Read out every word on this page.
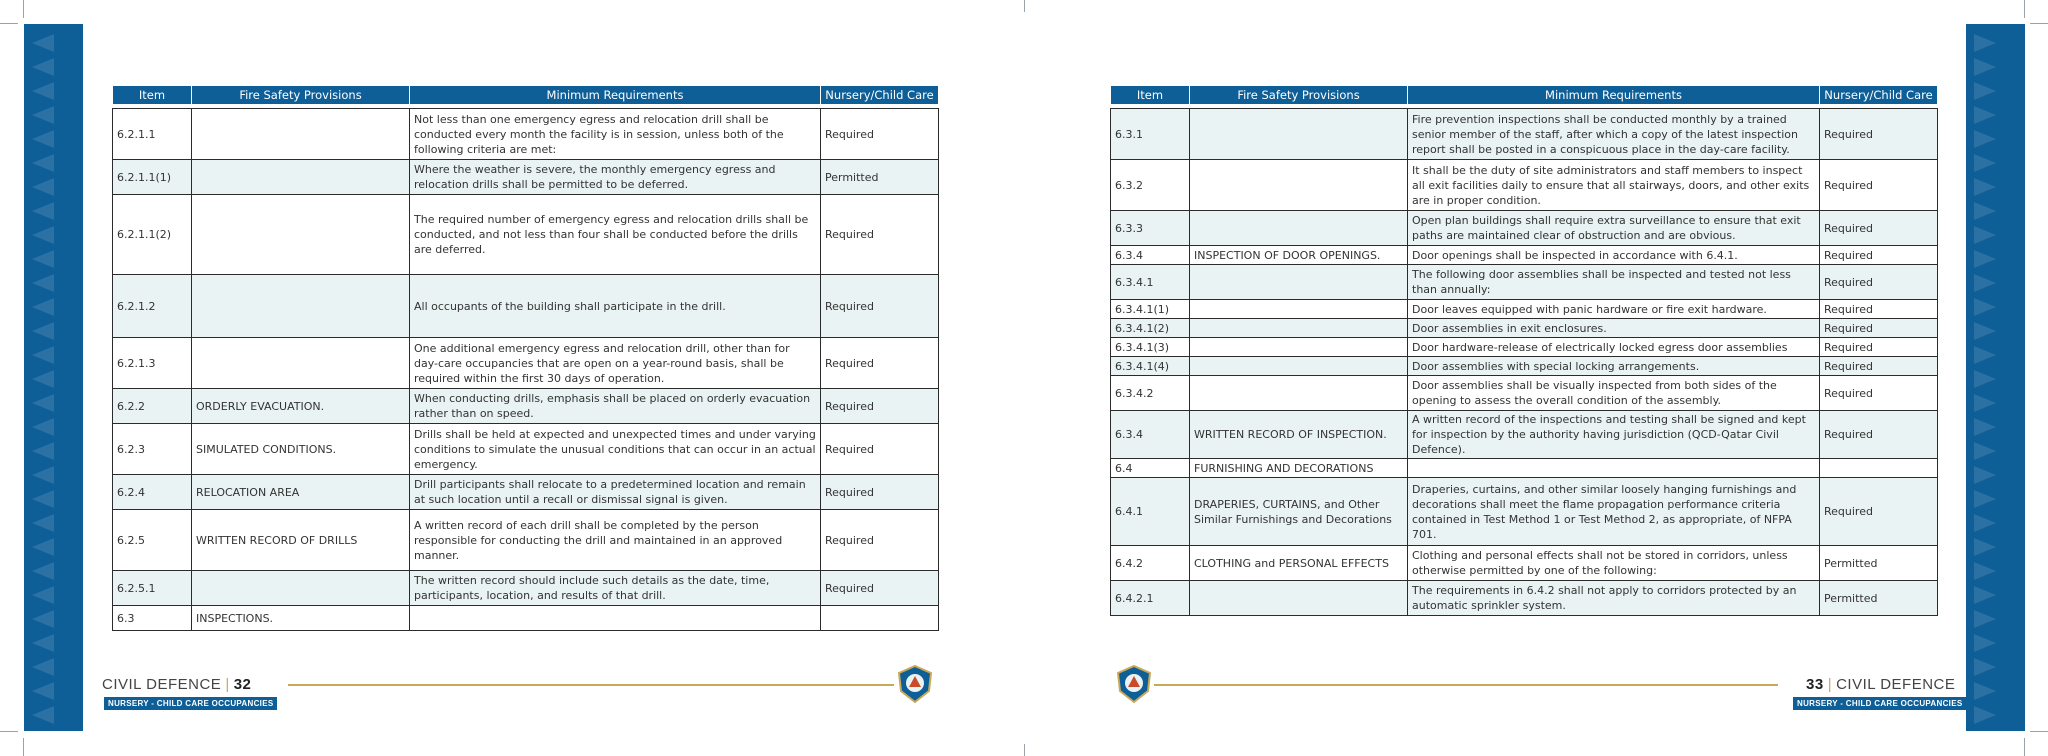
Item	Fire Safety Provisions	Minimum Requirements	Nursery/Child Care

6.2.1.1		Not less than one emergency egress and relocation drill shall be conducted every month the facility is in session, unless both of the following criteria are met:	Required
6.2.1.1(1)		Where the weather is severe, the monthly emergency egress and relocation drills shall be permitted to be deferred.	Permitted
6.2.1.1(2)		The required number of emergency egress and relocation drills shall be conducted, and not less than four shall be conducted before the drills are deferred.	Required
6.2.1.2		All occupants of the building shall participate in the drill.	Required
6.2.1.3		One additional emergency egress and relocation drill, other than for day-care occupancies that are open on a year-round basis, shall be required within the first 30 days of operation.	Required
6.2.2	ORDERLY EVACUATION.	When conducting drills, emphasis shall be placed on orderly evacuation rather than on speed.	Required
6.2.3	SIMULATED CONDITIONS.	Drills shall be held at expected and unexpected times and under varying conditions to simulate the unusual conditions that can occur in an actual emergency.	Required
6.2.4	RELOCATION AREA	Drill participants shall relocate to a predetermined location and remain at such location until a recall or dismissal signal is given.	Required
6.2.5	WRITTEN RECORD OF DRILLS	A written record of each drill shall be completed by the person responsible for conducting the drill and maintained in an approved manner.	Required
6.2.5.1		The written record should include such details as the date, time, participants, location, and results of that drill.	Required
6.3	INSPECTIONS.		
Item	Fire Safety Provisions	Minimum Requirements	Nursery/Child Care

6.3.1		Fire prevention inspections shall be conducted monthly by a trained senior member of the staff, after which a copy of the latest inspection report shall be posted in a conspicuous place in the day-care facility.	Required
6.3.2		It shall be the duty of site administrators and staff members to inspect all exit facilities daily to ensure that all stairways, doors, and other exits are in proper condition.	Required
6.3.3		Open plan buildings shall require extra surveillance to ensure that exit paths are maintained clear of obstruction and are obvious.	Required
6.3.4	INSPECTION OF DOOR OPENINGS.	Door openings shall be inspected in accordance with 6.4.1.	Required
6.3.4.1		The following door assemblies shall be inspected and tested not less than annually:	Required
6.3.4.1(1)		Door leaves equipped with panic hardware or fire exit hardware.	Required
6.3.4.1(2)		Door assemblies in exit enclosures.	Required
6.3.4.1(3)		Door hardware-release of electrically locked egress door assemblies	Required
6.3.4.1(4)		Door assemblies with special locking arrangements.	Required
6.3.4.2		Door assemblies shall be visually inspected from both sides of the opening to assess the overall condition of the assembly.	Required
6.3.4	WRITTEN RECORD OF INSPECTION.	A written record of the inspections and testing shall be signed and kept for inspection by the authority having jurisdiction (QCD-Qatar Civil Defence).	Required
6.4	FURNISHING AND DECORATIONS		
6.4.1	DRAPERIES, CURTAINS, and Other Similar Furnishings and Decorations	Draperies, curtains, and other similar loosely hanging furnishings and decorations shall meet the flame propagation performance criteria contained in Test Method 1 or Test Method 2, as appropriate, of NFPA 701.	Required
6.4.2	CLOTHING and PERSONAL EFFECTS	Clothing and personal effects shall not be stored in corridors, unless otherwise permitted by one of the following:	Permitted
6.4.2.1		The requirements in 6.4.2 shall not apply to corridors protected by an automatic sprinkler system.	Permitted
CIVIL DEFENCE | 32
NURSERY - CHILD CARE OCCUPANCIES
33 | CIVIL DEFENCE
NURSERY - CHILD CARE OCCUPANCIES
